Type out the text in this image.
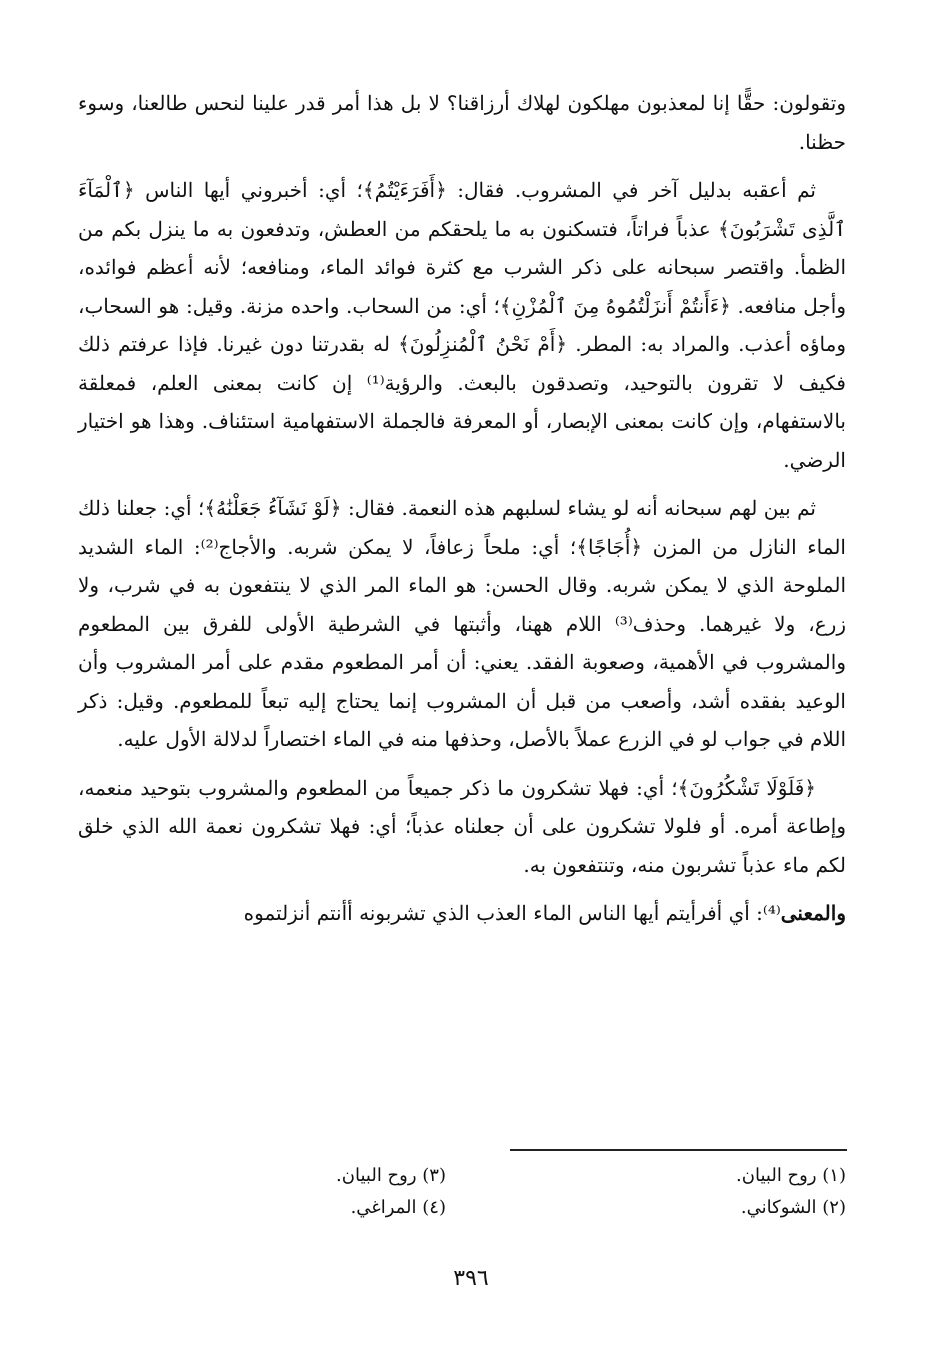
وتقولون: حقًّا إنا لمعذبون مهلكون لهلاك أرزاقنا؟ لا بل هذا أمر قدر علينا لنحس طالعنا، وسوء حظنا.

ثم أعقبه بدليل آخر في المشروب. فقال: ﴿أَفَرَءَيْتُمُ﴾؛ أي: أخبروني أيها الناس ﴿ٱلْمَآءَ ٱلَّذِى تَشْرَبُونَ﴾ عذباً فراتاً، فتسكنون به ما يلحقكم من العطش، وتدفعون به ما ينزل بكم من الظمأ. واقتصر سبحانه على ذكر الشرب مع كثرة فوائد الماء، ومنافعه؛ لأنه أعظم فوائده، وأجل منافعه. ﴿ءَأَنتُمْ أَنزَلْتُمُوهُ مِنَ ٱلْمُزْنِ﴾؛ أي: من السحاب. واحده مزنة. وقيل: هو السحاب، وماؤه أعذب. والمراد به: المطر. ﴿أَمْ نَحْنُ ٱلْمُنزِلُونَ﴾ له بقدرتنا دون غيرنا. فإذا عرفتم ذلك فكيف لا تقرون بالتوحيد، وتصدقون بالبعث. والرؤية⁽¹⁾ إن كانت بمعنى العلم، فمعلقة بالاستفهام، وإن كانت بمعنى الإبصار، أو المعرفة فالجملة الاستفهامية استئناف. وهذا هو اختيار الرضي.

ثم بين لهم سبحانه أنه لو يشاء لسلبهم هذه النعمة. فقال: ﴿لَوْ نَشَآءُ جَعَلْنَٰهُ﴾؛ أي: جعلنا ذلك الماء النازل من المزن ﴿أُجَاجًا﴾؛ أي: ملحاً زعافاً، لا يمكن شربه. والأجاج⁽²⁾: الماء الشديد الملوحة الذي لا يمكن شربه. وقال الحسن: هو الماء المر الذي لا ينتفعون به في شرب، ولا زرع، ولا غيرهما. وحذف⁽³⁾ اللام ههنا، وأثبتها في الشرطية الأولى للفرق بين المطعوم والمشروب في الأهمية، وصعوبة الفقد. يعني: أن أمر المطعوم مقدم على أمر المشروب وأن الوعيد بفقده أشد، وأصعب من قبل أن المشروب إنما يحتاج إليه تبعاً للمطعوم. وقيل: ذكر اللام في جواب لو في الزرع عملاً بالأصل، وحذفها منه في الماء اختصاراً لدلالة الأول عليه.

﴿فَلَوْلَا تَشْكُرُونَ﴾؛ أي: فهلا تشكرون ما ذكر جميعاً من المطعوم والمشروب بتوحيد منعمه، وإطاعة أمره. أو فلولا تشكرون على أن جعلناه عذباً؛ أي: فهلا تشكرون نعمة الله الذي خلق لكم ماء عذباً تشربون منه، وتنتفعون به.

والمعنى⁽⁴⁾: أي أفرأيتم أيها الناس الماء العذب الذي تشربونه أأنتم أنزلتموه

(١) روح البيان.
(٢) الشوكاني.
(٣) روح البيان.
(٤) المراغي.
٣٩٦
